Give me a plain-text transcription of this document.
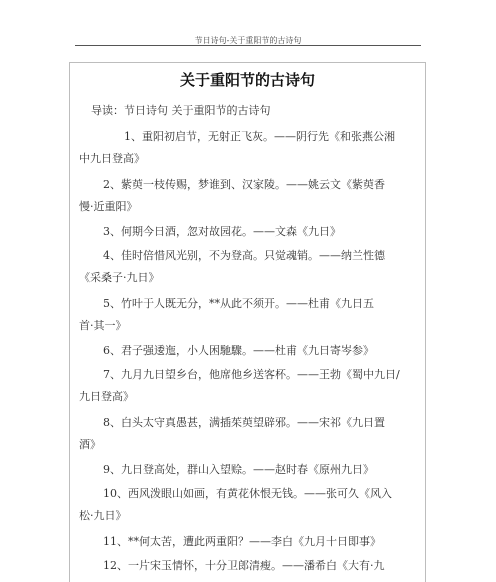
节日诗句-关于重阳节的古诗句
关于重阳节的古诗句
导读：节日诗句 关于重阳节的古诗句
1、重阳初启节，无射正飞灰。——阴行先《和张燕公湘
中九日登高》
2、紫萸一枝传赐，梦谁到、汉家陵。——姚云文《紫萸香
慢·近重阳》
3、何期今日酒，忽对故园花。——文森《九日》
4、佳时倍惜风光别，不为登高。只觉魂销。——纳兰性德
《采桑子·九日》
5、竹叶于人既无分，**从此不须开。——杜甫《九日五
首·其一》
6、君子强逶迤，小人困馳驟。——杜甫《九日寄岑参》
7、九月九日望乡台，他席他乡送客杯。——王勃《蜀中九日/
九日登高》
8、白头太守真愚甚，满插茱萸望辟邪。——宋祁《九日置
酒》
9、九日登高处，群山入望赊。——赵时春《原州九日》
10、西风泼眼山如画，有黄花休恨无钱。——张可久《风入
松·九日》
11、**何太苦，遭此两重阳？——李白《九月十日即事》
12、一片宋玉情怀，十分卫郎清瘦。——潘希白《大有·九
